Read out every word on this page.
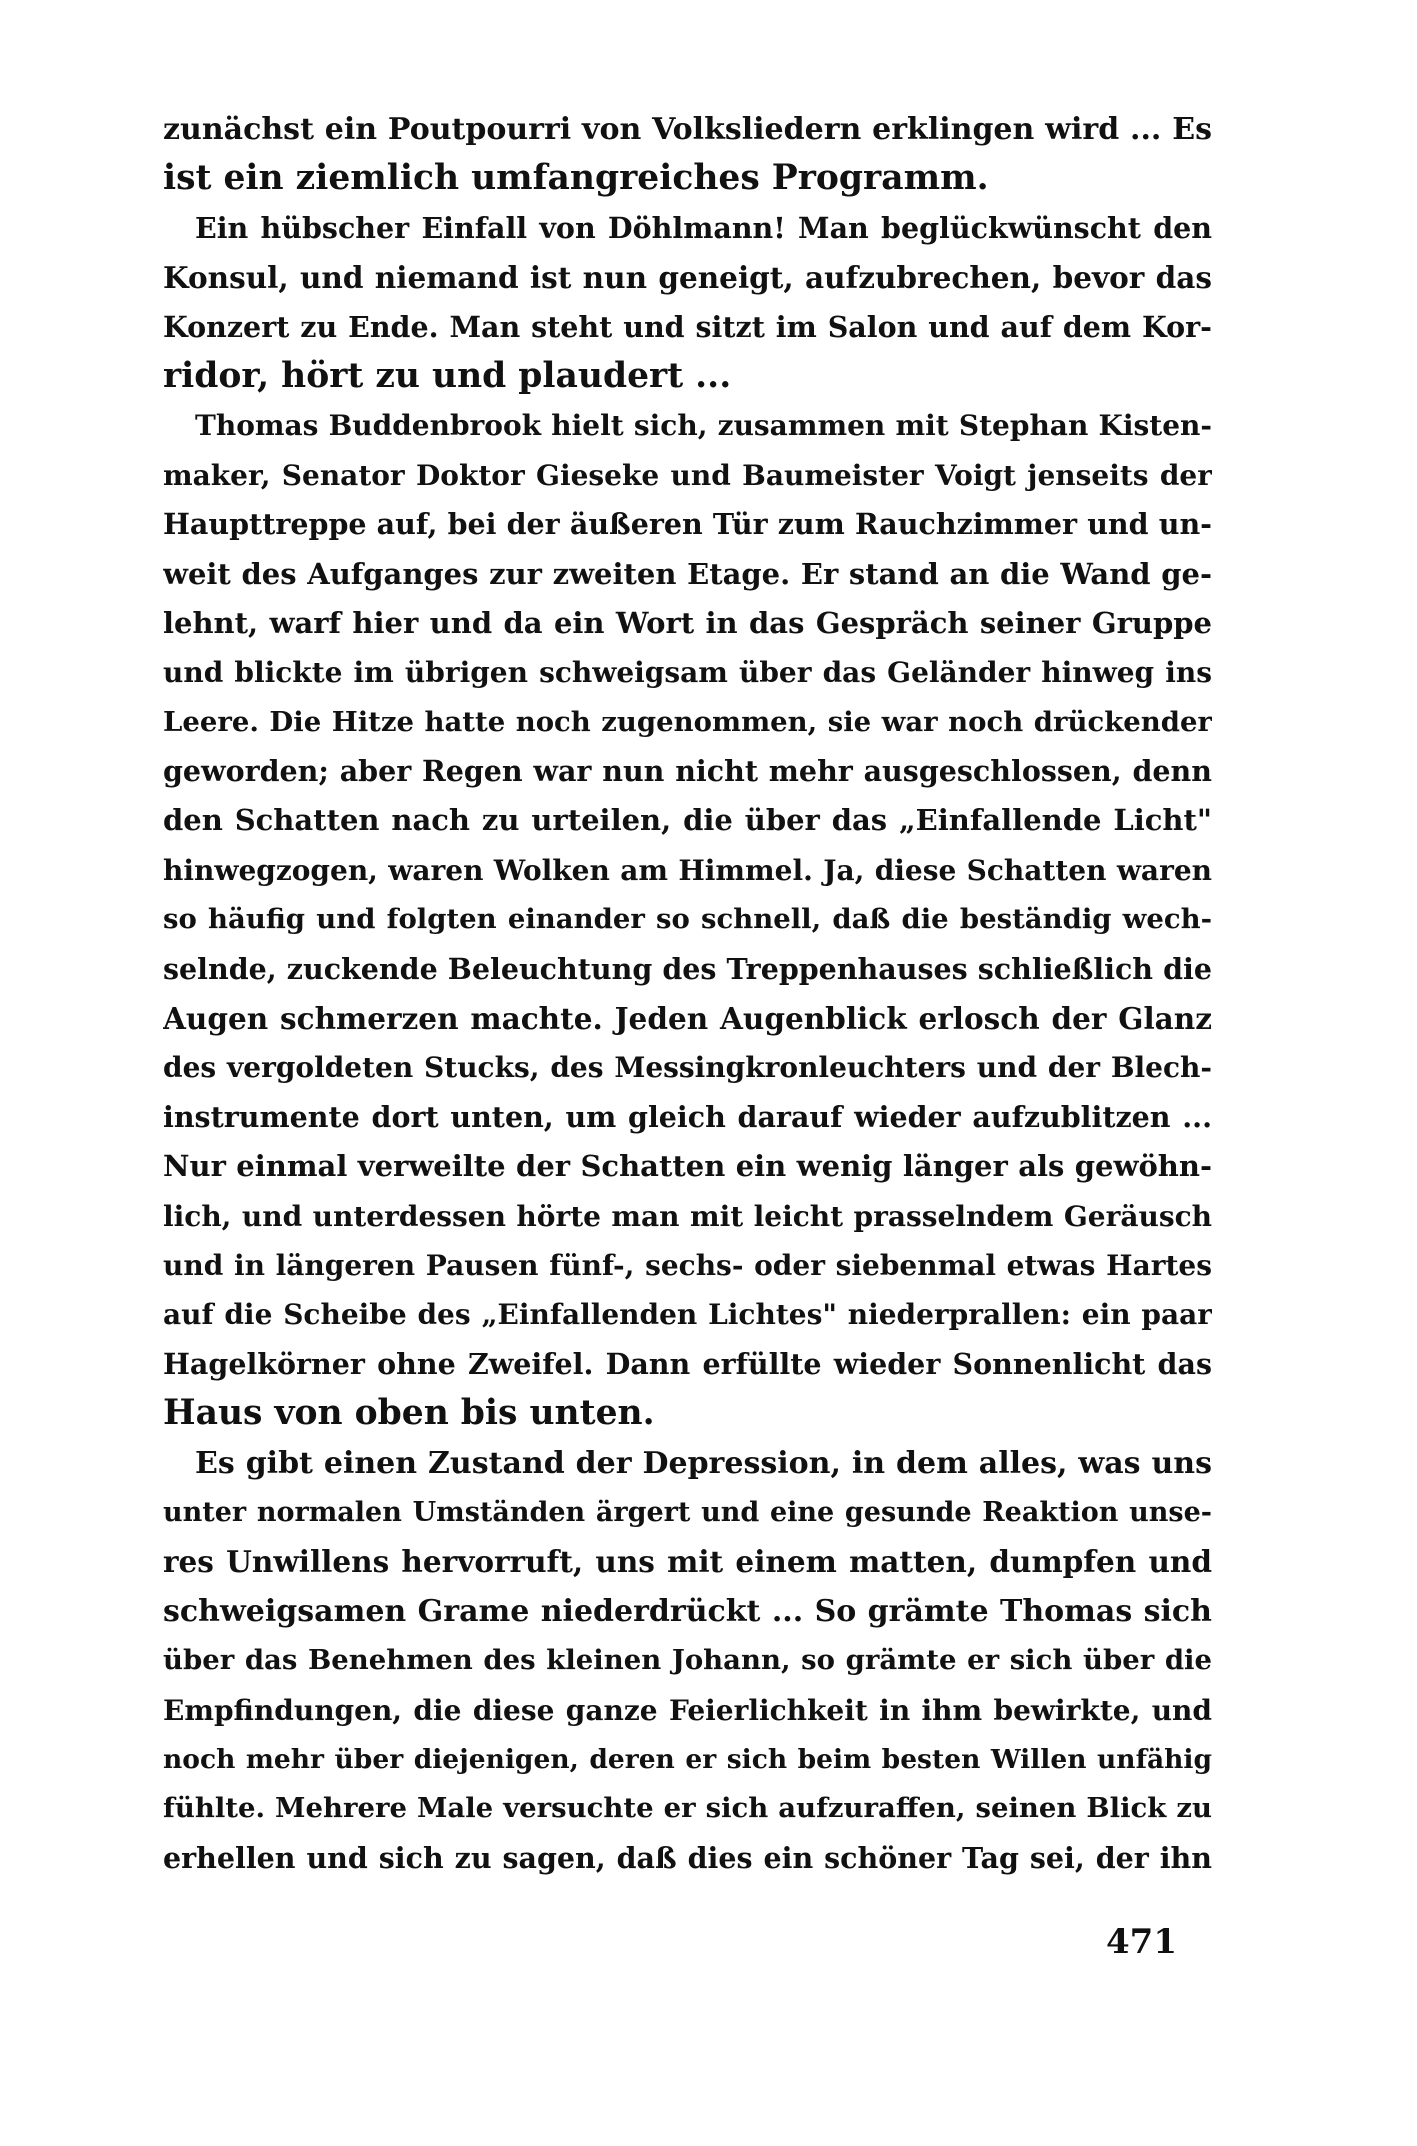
zunächst ein Poutpourri von Volksliedern erklingen wird ... Es
ist ein ziemlich umfangreiches Programm.
Ein hübscher Einfall von Döhlmann! Man beglückwünscht den
Konsul, und niemand ist nun geneigt, aufzubrechen, bevor das
Konzert zu Ende. Man steht und sitzt im Salon und auf dem Kor-
ridor, hört zu und plaudert ...
Thomas Buddenbrook hielt sich, zusammen mit Stephan Kisten-
maker, Senator Doktor Gieseke und Baumeister Voigt jenseits der
Haupttreppe auf, bei der äußeren Tür zum Rauchzimmer und un-
weit des Aufganges zur zweiten Etage. Er stand an die Wand ge-
lehnt, warf hier und da ein Wort in das Gespräch seiner Gruppe
und blickte im übrigen schweigsam über das Geländer hinweg ins
Leere. Die Hitze hatte noch zugenommen, sie war noch drückender
geworden; aber Regen war nun nicht mehr ausgeschlossen, denn
den Schatten nach zu urteilen, die über das „Einfallende Licht"
hinwegzogen, waren Wolken am Himmel. Ja, diese Schatten waren
so häufig und folgten einander so schnell, daß die beständig wech-
selnde, zuckende Beleuchtung des Treppenhauses schließlich die
Augen schmerzen machte. Jeden Augenblick erlosch der Glanz
des vergoldeten Stucks, des Messingkronleuchters und der Blech-
instrumente dort unten, um gleich darauf wieder aufzublitzen ...
Nur einmal verweilte der Schatten ein wenig länger als gewöhn-
lich, und unterdessen hörte man mit leicht prasselndem Geräusch
und in längeren Pausen fünf-, sechs- oder siebenmal etwas Hartes
auf die Scheibe des „Einfallenden Lichtes" niederprallen: ein paar
Hagelkörner ohne Zweifel. Dann erfüllte wieder Sonnenlicht das
Haus von oben bis unten.
Es gibt einen Zustand der Depression, in dem alles, was uns
unter normalen Umständen ärgert und eine gesunde Reaktion unse-
res Unwillens hervorruft, uns mit einem matten, dumpfen und
schweigsamen Grame niederdrückt ... So grämte Thomas sich
über das Benehmen des kleinen Johann, so grämte er sich über die
Empfindungen, die diese ganze Feierlichkeit in ihm bewirkte, und
noch mehr über diejenigen, deren er sich beim besten Willen unfähig
fühlte. Mehrere Male versuchte er sich aufzuraffen, seinen Blick zu
erhellen und sich zu sagen, daß dies ein schöner Tag sei, der ihn
471
